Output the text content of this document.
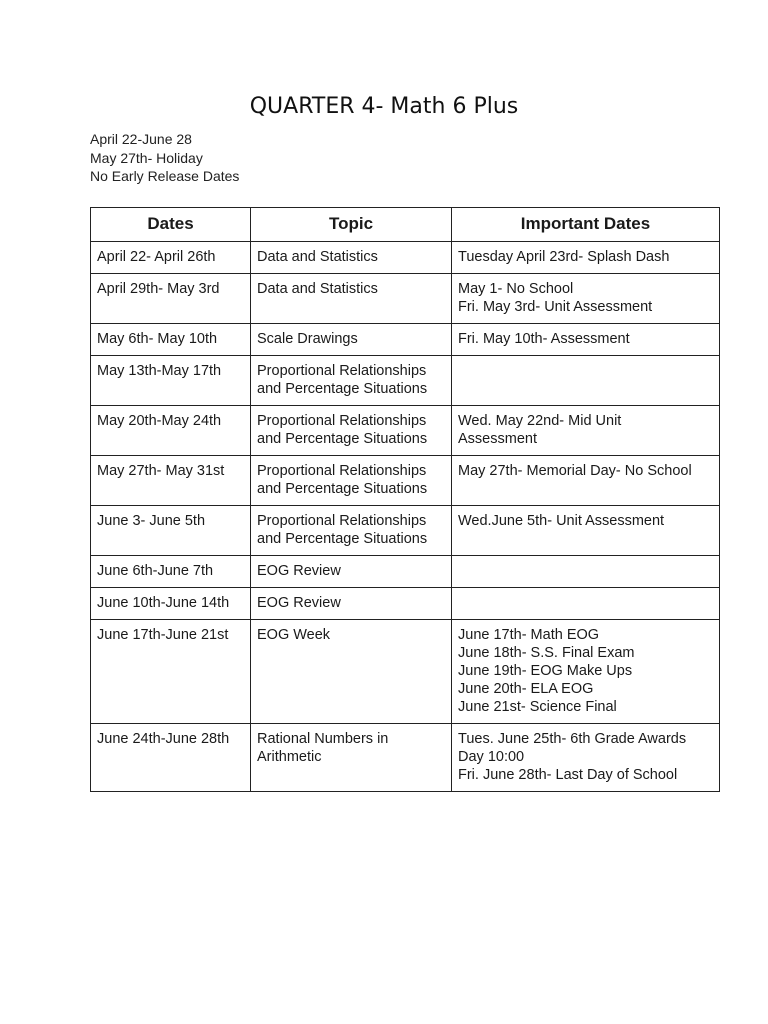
QUARTER 4- Math 6 Plus
April 22-June 28
May 27th- Holiday
No Early Release Dates
Dates	Topic	Important Dates
April 22- April 26th	Data and Statistics	Tuesday April 23rd- Splash Dash

April 29th- May 3rd	Data and Statistics	May 1- No School
Fri. May 3rd- Unit Assessment

May 6th- May 10th	Scale Drawings	Fri. May 10th- Assessment

May 13th-May 17th	Proportional Relationships
and Percentage Situations	

May 20th-May 24th	Proportional Relationships
and Percentage Situations	Wed. May 22nd- Mid Unit
Assessment

May 27th- May 31st	Proportional Relationships
and Percentage Situations	May 27th- Memorial Day- No School

June 3- June 5th	Proportional Relationships
and Percentage Situations	Wed.June 5th- Unit Assessment

June 6th-June 7th	EOG Review	

June 10th-June 14th	EOG Review	

June 17th-June 21st	EOG Week	June 17th- Math EOG
June 18th- S.S. Final Exam
June 19th- EOG Make Ups
June 20th- ELA EOG
June 21st- Science Final

June 24th-June 28th	Rational Numbers in
Arithmetic	Tues. June 25th- 6th Grade Awards
Day 10:00
Fri. June 28th- Last Day of School
